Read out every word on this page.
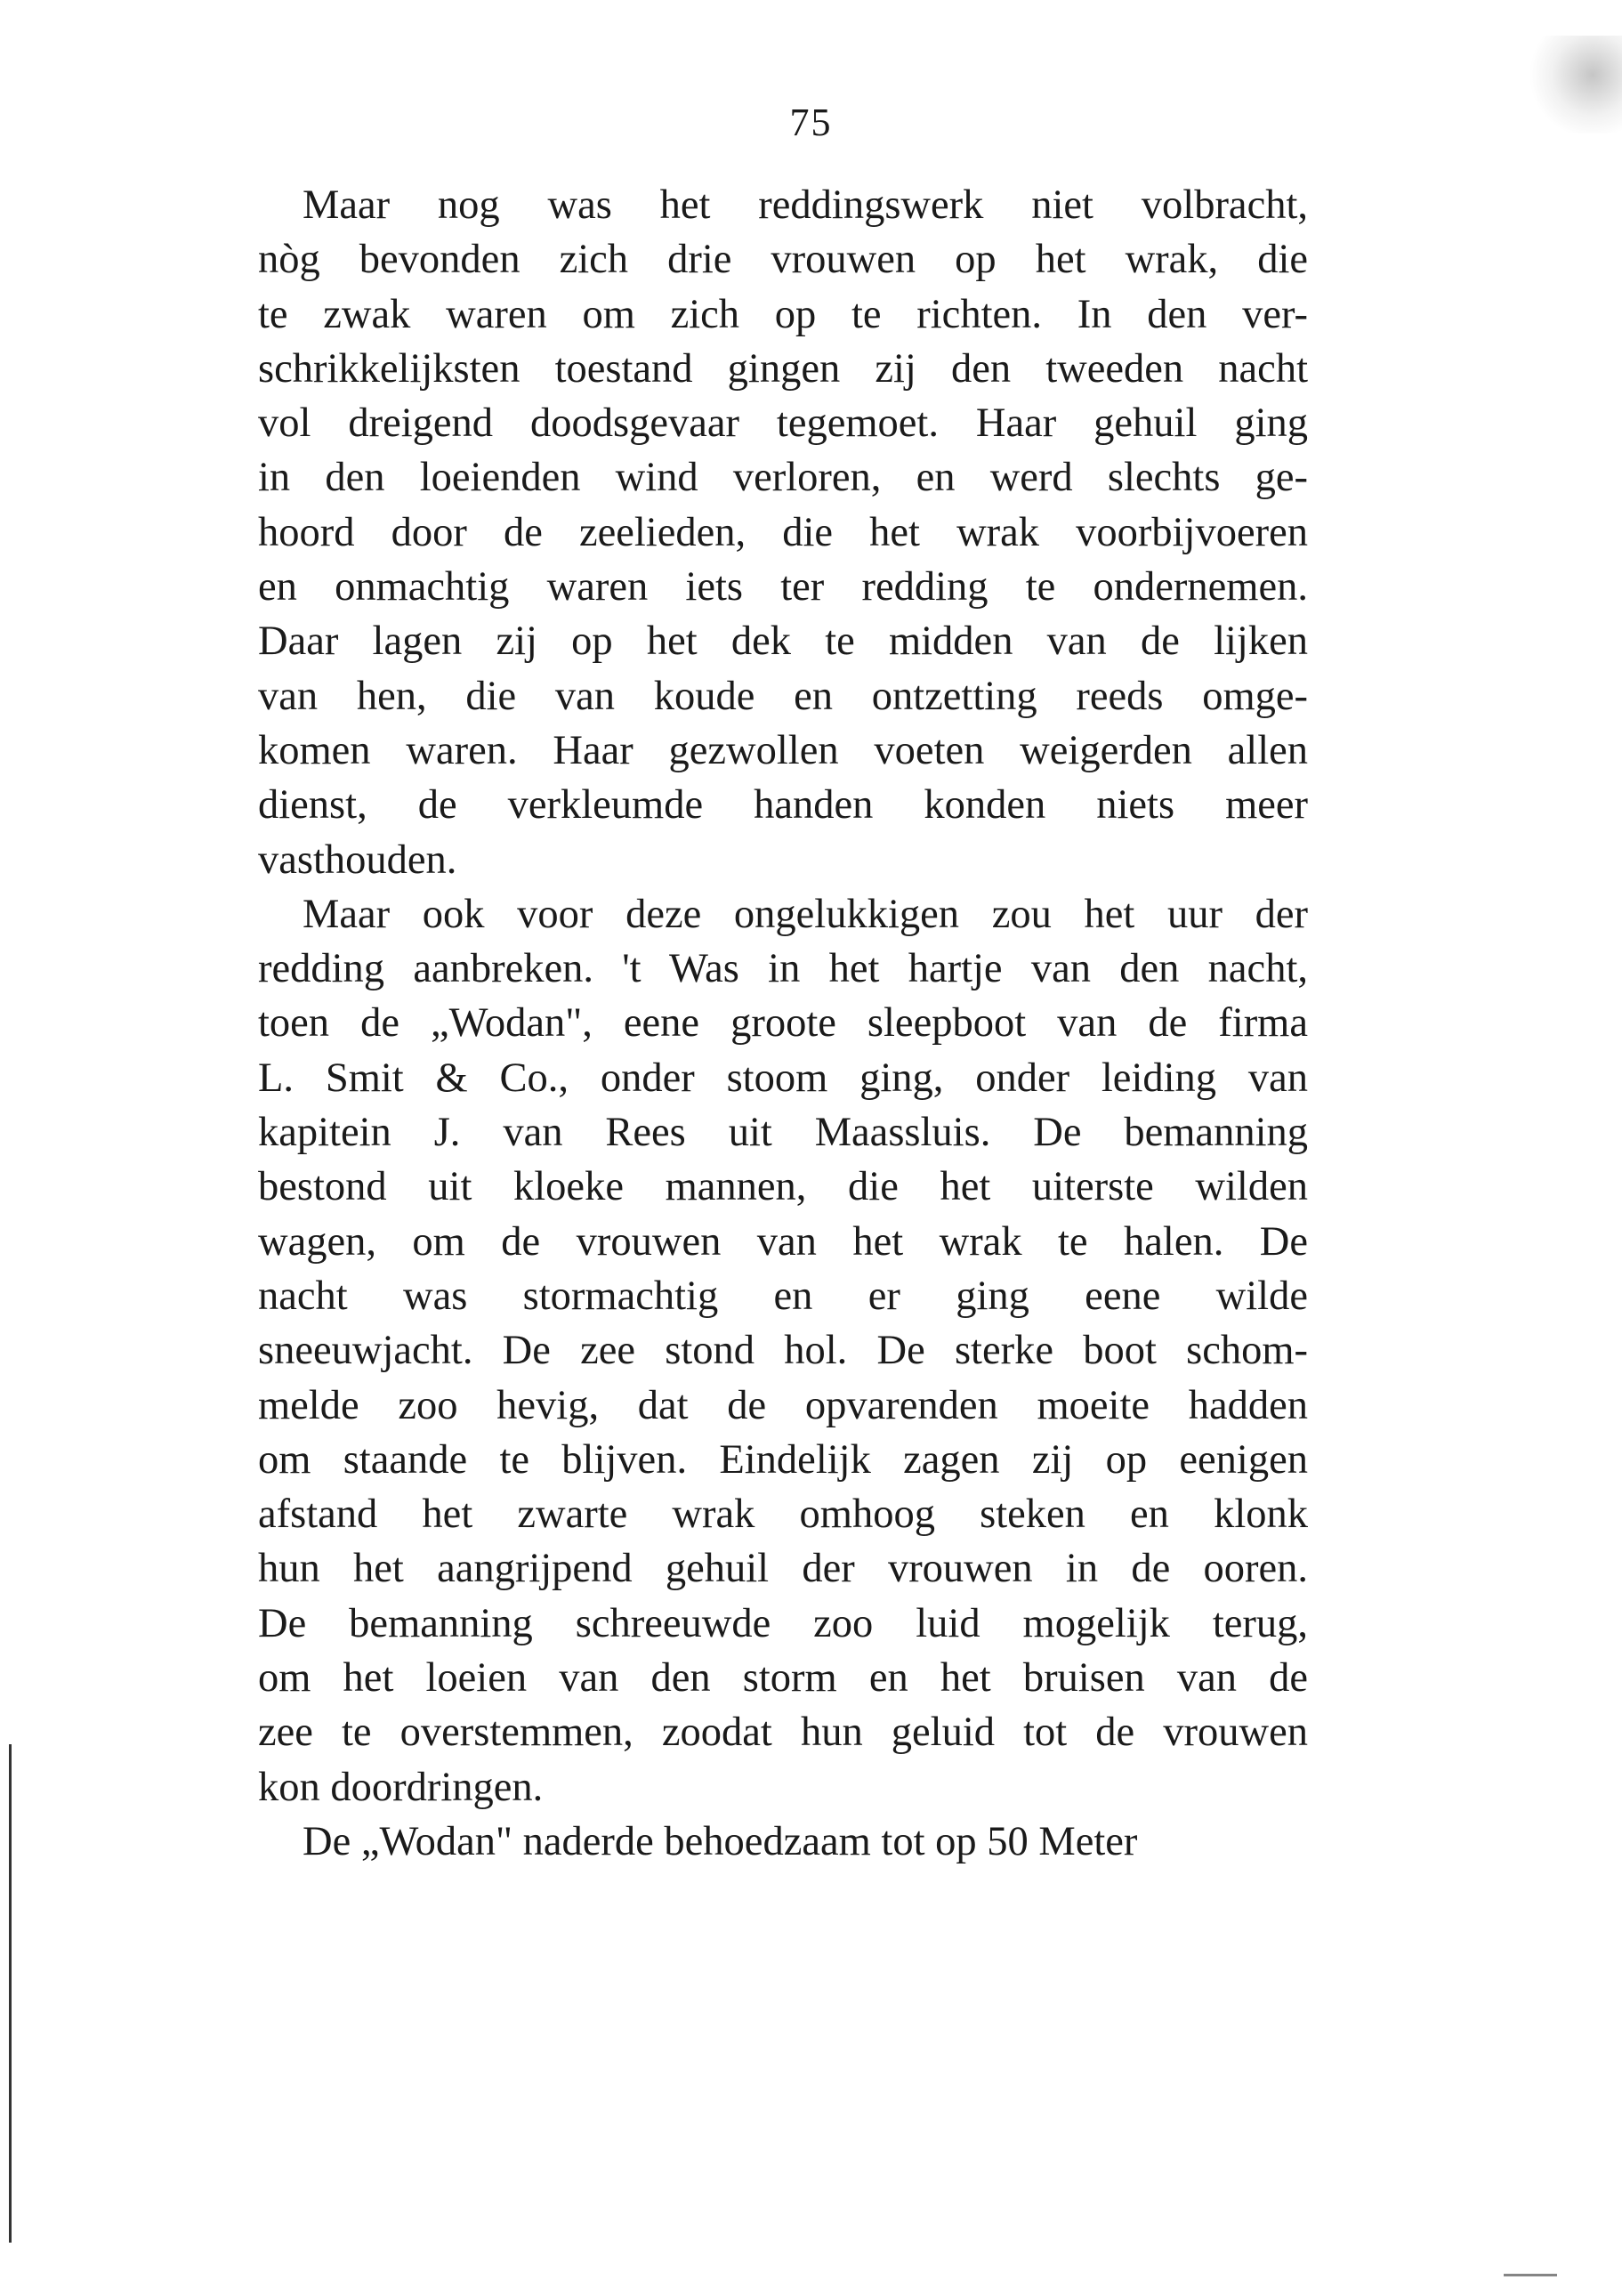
75
Maar nog was het reddingswerk niet volbracht,
nòg bevonden zich drie vrouwen op het wrak, die
te zwak waren om zich op te richten. In den ver-
schrikkelijksten toestand gingen zij den tweeden nacht
vol dreigend doodsgevaar tegemoet. Haar gehuil ging
in den loeienden wind verloren, en werd slechts ge-
hoord door de zeelieden, die het wrak voorbijvoeren
en onmachtig waren iets ter redding te ondernemen.
Daar lagen zij op het dek te midden van de lijken
van hen, die van koude en ontzetting reeds omge-
komen waren. Haar gezwollen voeten weigerden allen
dienst, de verkleumde handen konden niets meer
vasthouden.
Maar ook voor deze ongelukkigen zou het uur der
redding aanbreken. 't Was in het hartje van den nacht,
toen de „Wodan", eene groote sleepboot van de firma
L. Smit & Co., onder stoom ging, onder leiding van
kapitein J. van Rees uit Maassluis. De bemanning
bestond uit kloeke mannen, die het uiterste wilden
wagen, om de vrouwen van het wrak te halen. De
nacht was stormachtig en er ging eene wilde
sneeuwjacht. De zee stond hol. De sterke boot schom-
melde zoo hevig, dat de opvarenden moeite hadden
om staande te blijven. Eindelijk zagen zij op eenigen
afstand het zwarte wrak omhoog steken en klonk
hun het aangrijpend gehuil der vrouwen in de ooren.
De bemanning schreeuwde zoo luid mogelijk terug,
om het loeien van den storm en het bruisen van de
zee te overstemmen, zoodat hun geluid tot de vrouwen
kon doordringen.
De „Wodan" naderde behoedzaam tot op 50 Meter
